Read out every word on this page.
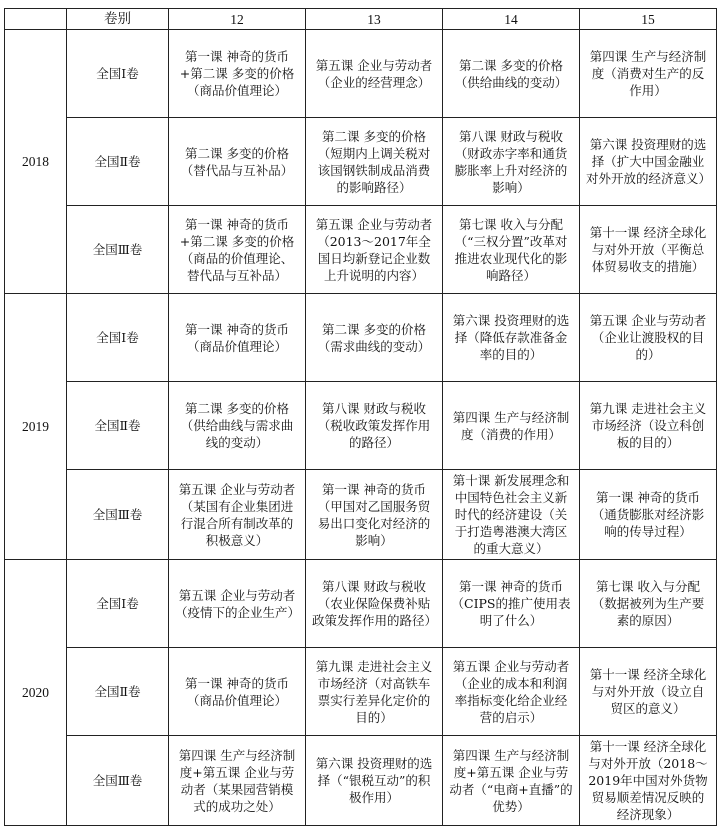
	卷别	12	13	14	15
2018	全国Ⅰ卷	第一课 神奇的货币+第二课 多变的价格（商品价值理论）	第五课 企业与劳动者（企业的经营理念）	第二课 多变的价格（供给曲线的变动）	第四课 生产与经济制度（消费对生产的反作用）
	全国Ⅱ卷	第二课 多变的价格（替代品与互补品）	第二课 多变的价格（短期内上调关税对该国钢铁制成品消费的影响路径）	第八课 财政与税收（财政赤字率和通货膨胀率上升对经济的影响）	第六课 投资理财的选择（扩大中国金融业对外开放的经济意义）
	全国Ⅲ卷	第一课 神奇的货币+第二课 多变的价格（商品的价值理论、替代品与互补品）	第五课 企业与劳动者（2013～2017年全国日均新登记企业数上升说明的内容）	第七课 收入与分配（“三权分置”改革对推进农业现代化的影响路径）	第十一课 经济全球化与对外开放（平衡总体贸易收支的措施）
2019	全国Ⅰ卷	第一课 神奇的货币（商品价值理论）	第二课 多变的价格（需求曲线的变动）	第六课 投资理财的选择（降低存款准备金率的目的）	第五课 企业与劳动者（企业让渡股权的目的）
	全国Ⅱ卷	第二课 多变的价格（供给曲线与需求曲线的变动）	第八课 财政与税收（税收政策发挥作用的路径）	第四课 生产与经济制度（消费的作用）	第九课 走进社会主义市场经济（设立科创板的目的）
	全国Ⅲ卷	第五课 企业与劳动者（某国有企业集团进行混合所有制改革的积极意义）	第一课 神奇的货币（甲国对乙国服务贸易出口变化对经济的影响）	第十课 新发展理念和中国特色社会主义新时代的经济建设（关于打造粤港澳大湾区的重大意义）	第一课 神奇的货币（通货膨胀对经济影响的传导过程）
2020	全国Ⅰ卷	第五课 企业与劳动者（疫情下的企业生产）	第八课 财政与税收（农业保险保费补贴政策发挥作用的路径）	第一课 神奇的货币（CIPS的推广使用表明了什么）	第七课 收入与分配（数据被列为生产要素的原因）
	全国Ⅱ卷	第一课 神奇的货币（商品价值理论）	第九课 走进社会主义市场经济（对高铁车票实行差异化定价的目的）	第五课 企业与劳动者（企业的成本和利润率指标变化给企业经营的启示）	第十一课 经济全球化与对外开放（设立自贸区的意义）
	全国Ⅲ卷	第四课 生产与经济制度+第五课 企业与劳动者（某果园营销模式的成功之处）	第六课 投资理财的选择（“银税互动”的积极作用）	第四课 生产与经济制度+第五课 企业与劳动者（“电商+直播”的优势）	第十一课 经济全球化与对外开放（2018～2019年中国对外货物贸易顺差情况反映的经济现象）
